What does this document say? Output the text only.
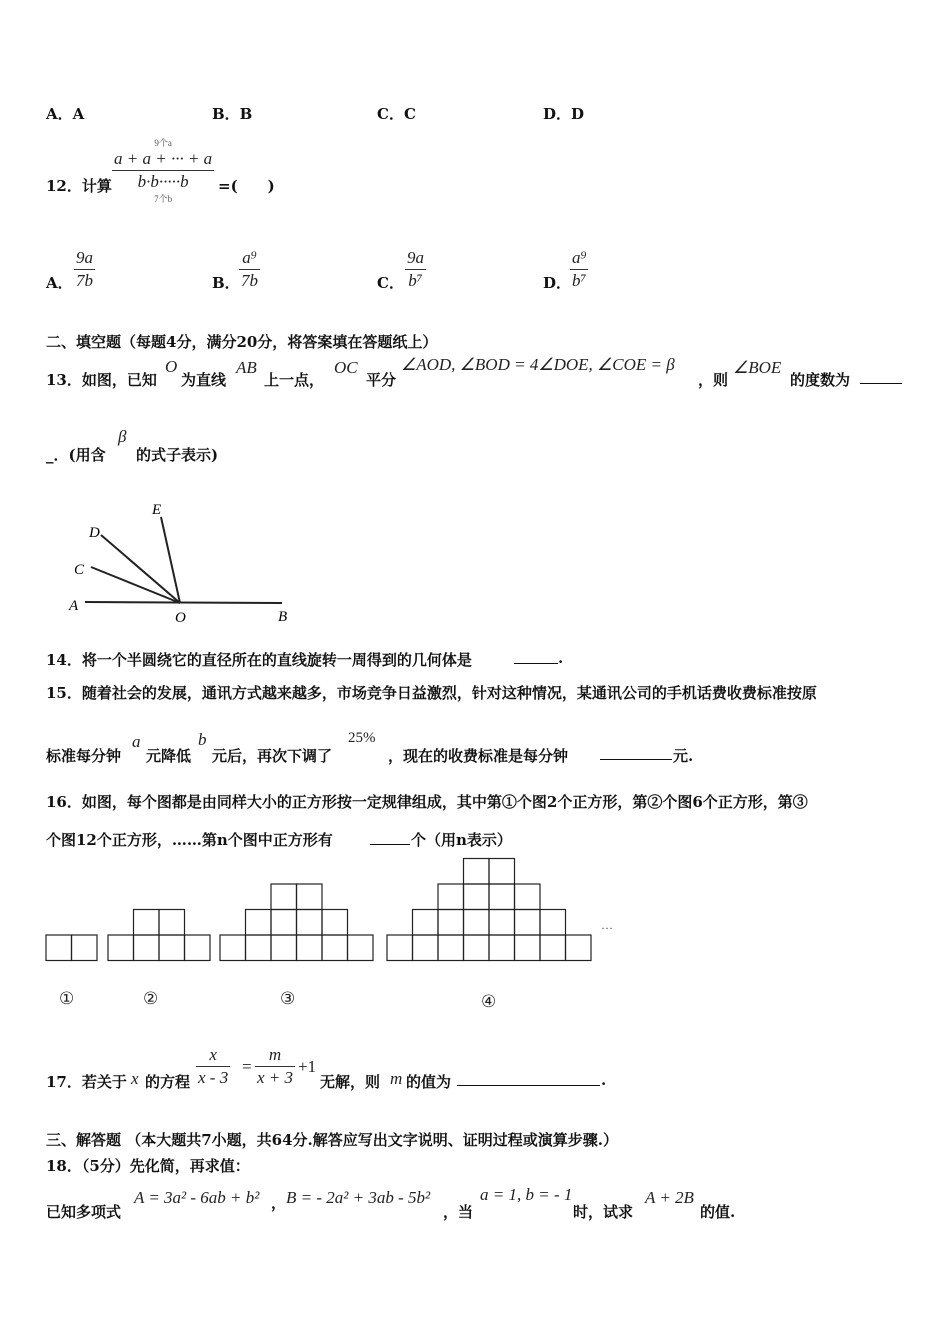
A．A	B．B	C．C	D．D
12．计算
9个a
a + a + ··· + a
b·b·····b
7个b
=(　　)
A．
9a
7b	B．
a⁹
7b	C．
9a
b⁷	D．
a⁹
b⁷
二、填空题（每题4分，满分20分，将答案填在答题纸上）
13．如图，已知
O
为直线
AB
上一点，
OC
平分
∠AOD, ∠BOD = 4∠DOE, ∠COE = β
，则
∠BOE
的度数为
_．(用含
β
的式子表示)
A
B
C
D
E
O
14．将一个半圆绕它的直径所在的直线旋转一周得到的几何体是	.
15．随着社会的发展，通讯方式越来越多，市场竞争日益激烈，针对这种情况，某通讯公司的手机话费收费标准按原
标准每分钟
a
元降低
b
元后，再次下调了
25%
，现在的收费标准是每分钟	元.
16．如图，每个图都是由同样大小的正方形按一定规律组成，其中第①个图2个正方形，第②个图6个正方形，第③
个图12个正方形，……第n个图中正方形有	个（用n表示）
…
①	②	③	④
17．若关于 x 的方程
x
x - 3
=
m
x + 3
+1
无解，则 m 的值为	.
三、解答题 （本大题共7小题，共64分.解答应写出文字说明、证明过程或演算步骤.）
18．（5分）先化简，再求值：
已知多项式
A = 3a² - 6ab + b² ， B = - 2a² + 3ab - 5b²
，当
a = 1, b = - 1
时，试求
A + 2B
的值.
